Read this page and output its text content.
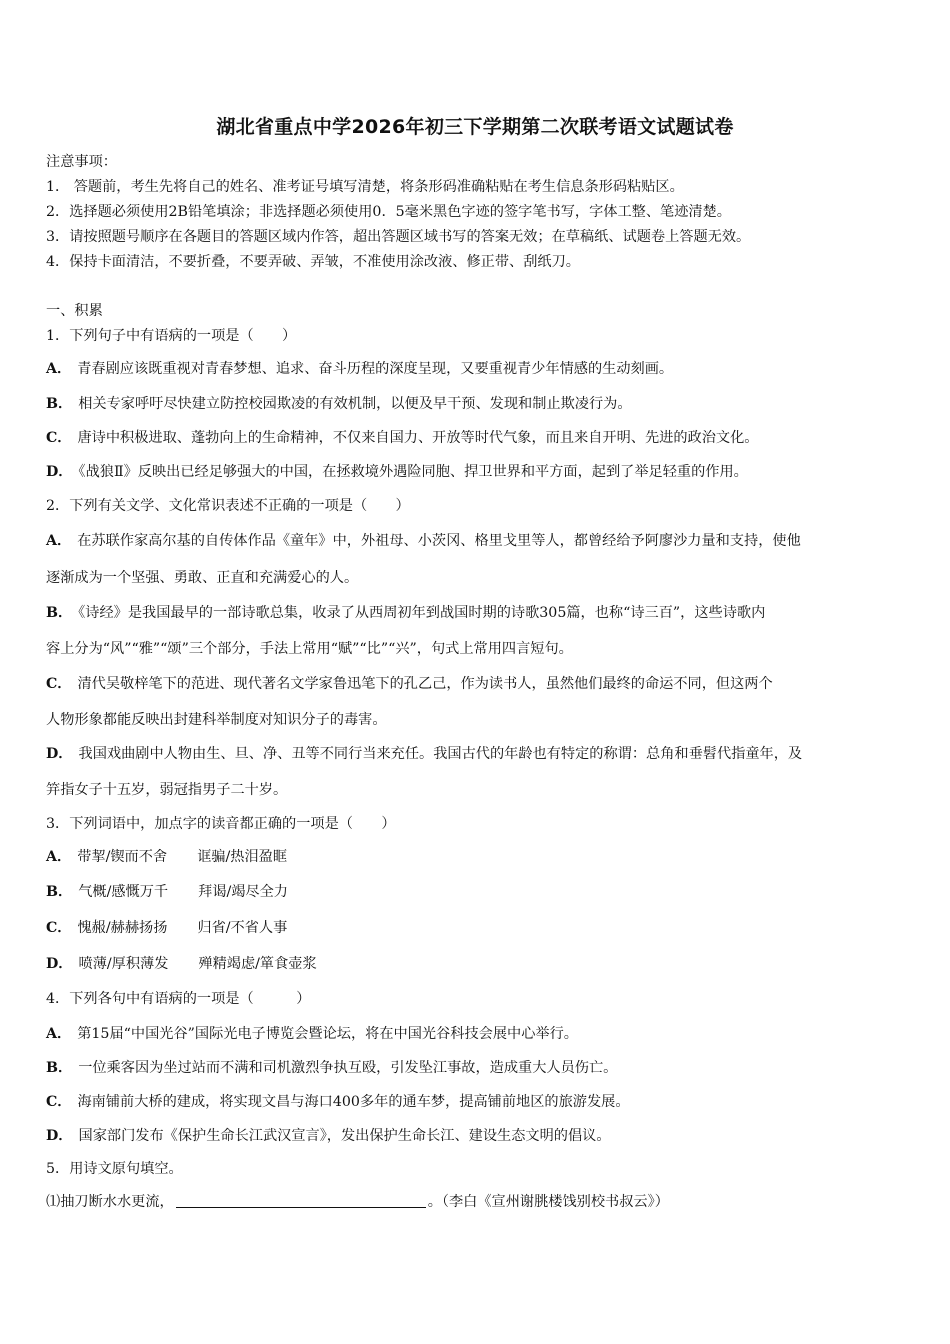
湖北省重点中学2026年初三下学期第二次联考语文试题试卷
注意事项：
1． 答题前，考生先将自己的姓名、准考证号填写清楚，将条形码准确粘贴在考生信息条形码粘贴区。
2．选择题必须使用2B铅笔填涂；非选择题必须使用0．5毫米黑色字迹的签字笔书写，字体工整、笔迹清楚。
3．请按照题号顺序在各题目的答题区域内作答，超出答题区域书写的答案无效；在草稿纸、试题卷上答题无效。
4．保持卡面清洁，不要折叠，不要弄破、弄皱，不准使用涂改液、修正带、刮纸刀。
一、积累
1．下列句子中有语病的一项是（　　）
A． 青春剧应该既重视对青春梦想、追求、奋斗历程的深度呈现，又要重视青少年情感的生动刻画。
B． 相关专家呼吁尽快建立防控校园欺凌的有效机制，以便及早干预、发现和制止欺凌行为。
C． 唐诗中积极进取、蓬勃向上的生命精神，不仅来自国力、开放等时代气象，而且来自开明、先进的政治文化。
D． 《战狼Ⅱ》反映出已经足够强大的中国，在拯救境外遇险同胞、捍卫世界和平方面，起到了举足轻重的作用。
2．下列有关文学、文化常识表述不正确的一项是（　　）
A． 在苏联作家高尔基的自传体作品《童年》中，外祖母、小茨冈、格里戈里等人，都曾经给予阿廖沙力量和支持，使他
逐渐成为一个坚强、勇敢、正直和充满爱心的人。
B． 《诗经》是我国最早的一部诗歌总集，收录了从西周初年到战国时期的诗歌305篇，也称“诗三百”，这些诗歌内
容上分为“风”“雅”“颂”三个部分，手法上常用“赋”“比”“兴”，句式上常用四言短句。
C． 清代吴敬梓笔下的范进、现代著名文学家鲁迅笔下的孔乙己，作为读书人，虽然他们最终的命运不同，但这两个
人物形象都能反映出封建科举制度对知识分子的毒害。
D． 我国戏曲剧中人物由生、旦、净、丑等不同行当来充任。我国古代的年龄也有特定的称谓：总角和垂髫代指童年，及
笄指女子十五岁，弱冠指男子二十岁。
3．下列词语中，加点字的读音都正确的一项是（　　）
A． 带挈/锲而不舍 诓骗/热泪盈眶
B． 气概/感慨万千 拜谒/竭尽全力
C． 愧赧/赫赫扬扬 归省/不省人事
D． 喷薄/厚积薄发 殚精竭虑/箪食壶浆
4．下列各句中有语病的一项是（　　　）
A． 第15届“中国光谷”国际光电子博览会暨论坛，将在中国光谷科技会展中心举行。
B． 一位乘客因为坐过站而不满和司机激烈争执互殴，引发坠江事故，造成重大人员伤亡。
C． 海南铺前大桥的建成，将实现文昌与海口400多年的通车梦，提高铺前地区的旅游发展。
D． 国家部门发布《保护生命长江武汉宣言》，发出保护生命长江、建设生态文明的倡议。
5．用诗文原句填空。
⑴抽刀断水水更流，	。（李白《宣州谢朓楼饯别校书叔云》）
